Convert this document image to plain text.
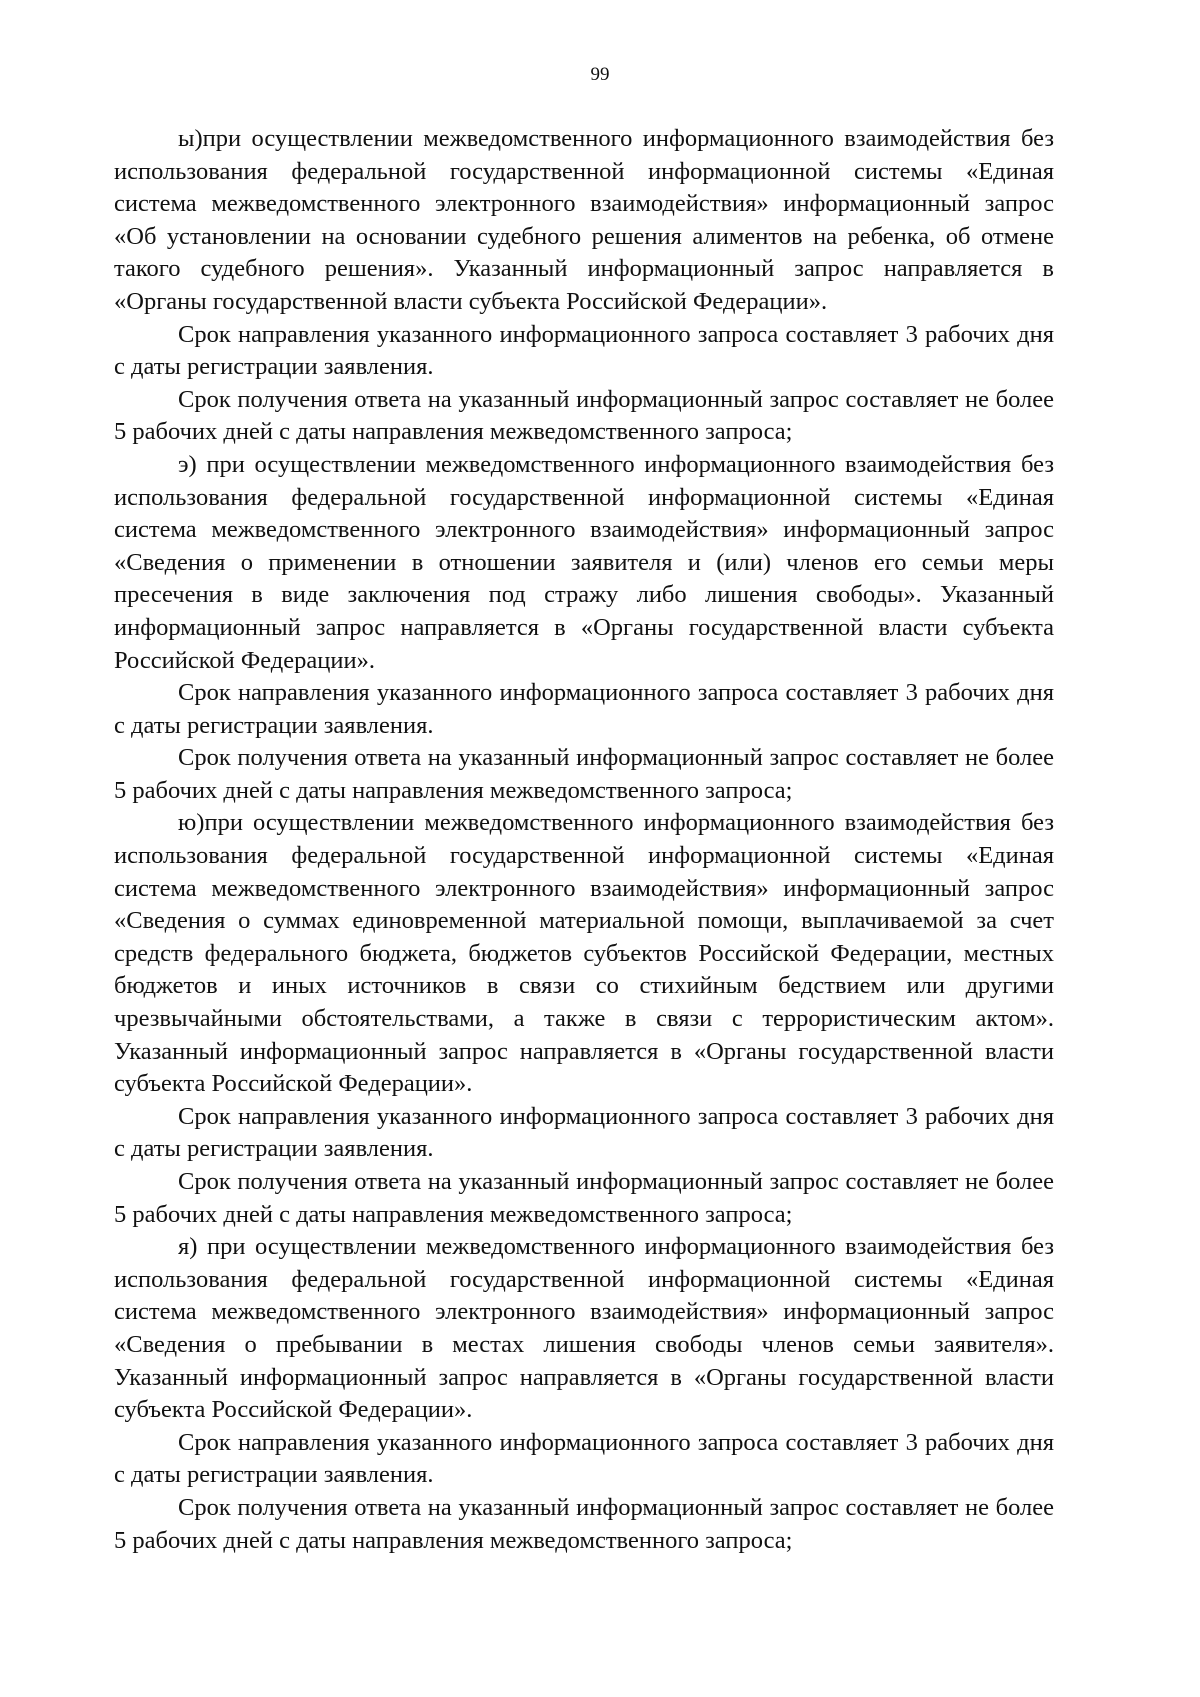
99

ы)при осуществлении межведомственного информационного взаимодействия без использования федеральной государственной информационной системы «Единая система межведомственного электронного взаимодействия» информационный запрос «Об установлении на основании судебного решения алиментов на ребенка, об отмене такого судебного решения». Указанный информационный запрос направляется в «Органы государственной власти субъекта Российской Федерации».

Срок направления указанного информационного запроса составляет 3 рабочих дня с даты регистрации заявления.

Срок получения ответа на указанный информационный запрос составляет не более 5 рабочих дней с даты направления межведомственного запроса;

э) при осуществлении межведомственного информационного взаимодействия без использования федеральной государственной информационной системы «Единая система межведомственного электронного взаимодействия» информационный запрос «Сведения о применении в отношении заявителя и (или) членов его семьи меры пресечения в виде заключения под стражу либо лишения свободы». Указанный информационный запрос направляется в «Органы государственной власти субъекта Российской Федерации».

Срок направления указанного информационного запроса составляет 3 рабочих дня с даты регистрации заявления.

Срок получения ответа на указанный информационный запрос составляет не более 5 рабочих дней с даты направления межведомственного запроса;

ю)при осуществлении межведомственного информационного взаимодействия без использования федеральной государственной информационной системы «Единая система межведомственного электронного взаимодействия» информационный запрос «Сведения о суммах единовременной материальной помощи, выплачиваемой за счет средств федерального бюджета, бюджетов субъектов Российской Федерации, местных бюджетов и иных источников в связи со стихийным бедствием или другими чрезвычайными обстоятельствами, а также в связи с террористическим актом». Указанный информационный запрос направляется в «Органы государственной власти субъекта Российской Федерации».

Срок направления указанного информационного запроса составляет 3 рабочих дня с даты регистрации заявления.

Срок получения ответа на указанный информационный запрос составляет не более 5 рабочих дней с даты направления межведомственного запроса;

я) при осуществлении межведомственного информационного взаимодействия без использования федеральной государственной информационной системы «Единая система межведомственного электронного взаимодействия» информационный запрос «Сведения о пребывании в местах лишения свободы членов семьи заявителя». Указанный информационный запрос направляется в «Органы государственной власти субъекта Российской Федерации».

Срок направления указанного информационного запроса составляет 3 рабочих дня с даты регистрации заявления.

Срок получения ответа на указанный информационный запрос составляет не более 5 рабочих дней с даты направления межведомственного запроса;
